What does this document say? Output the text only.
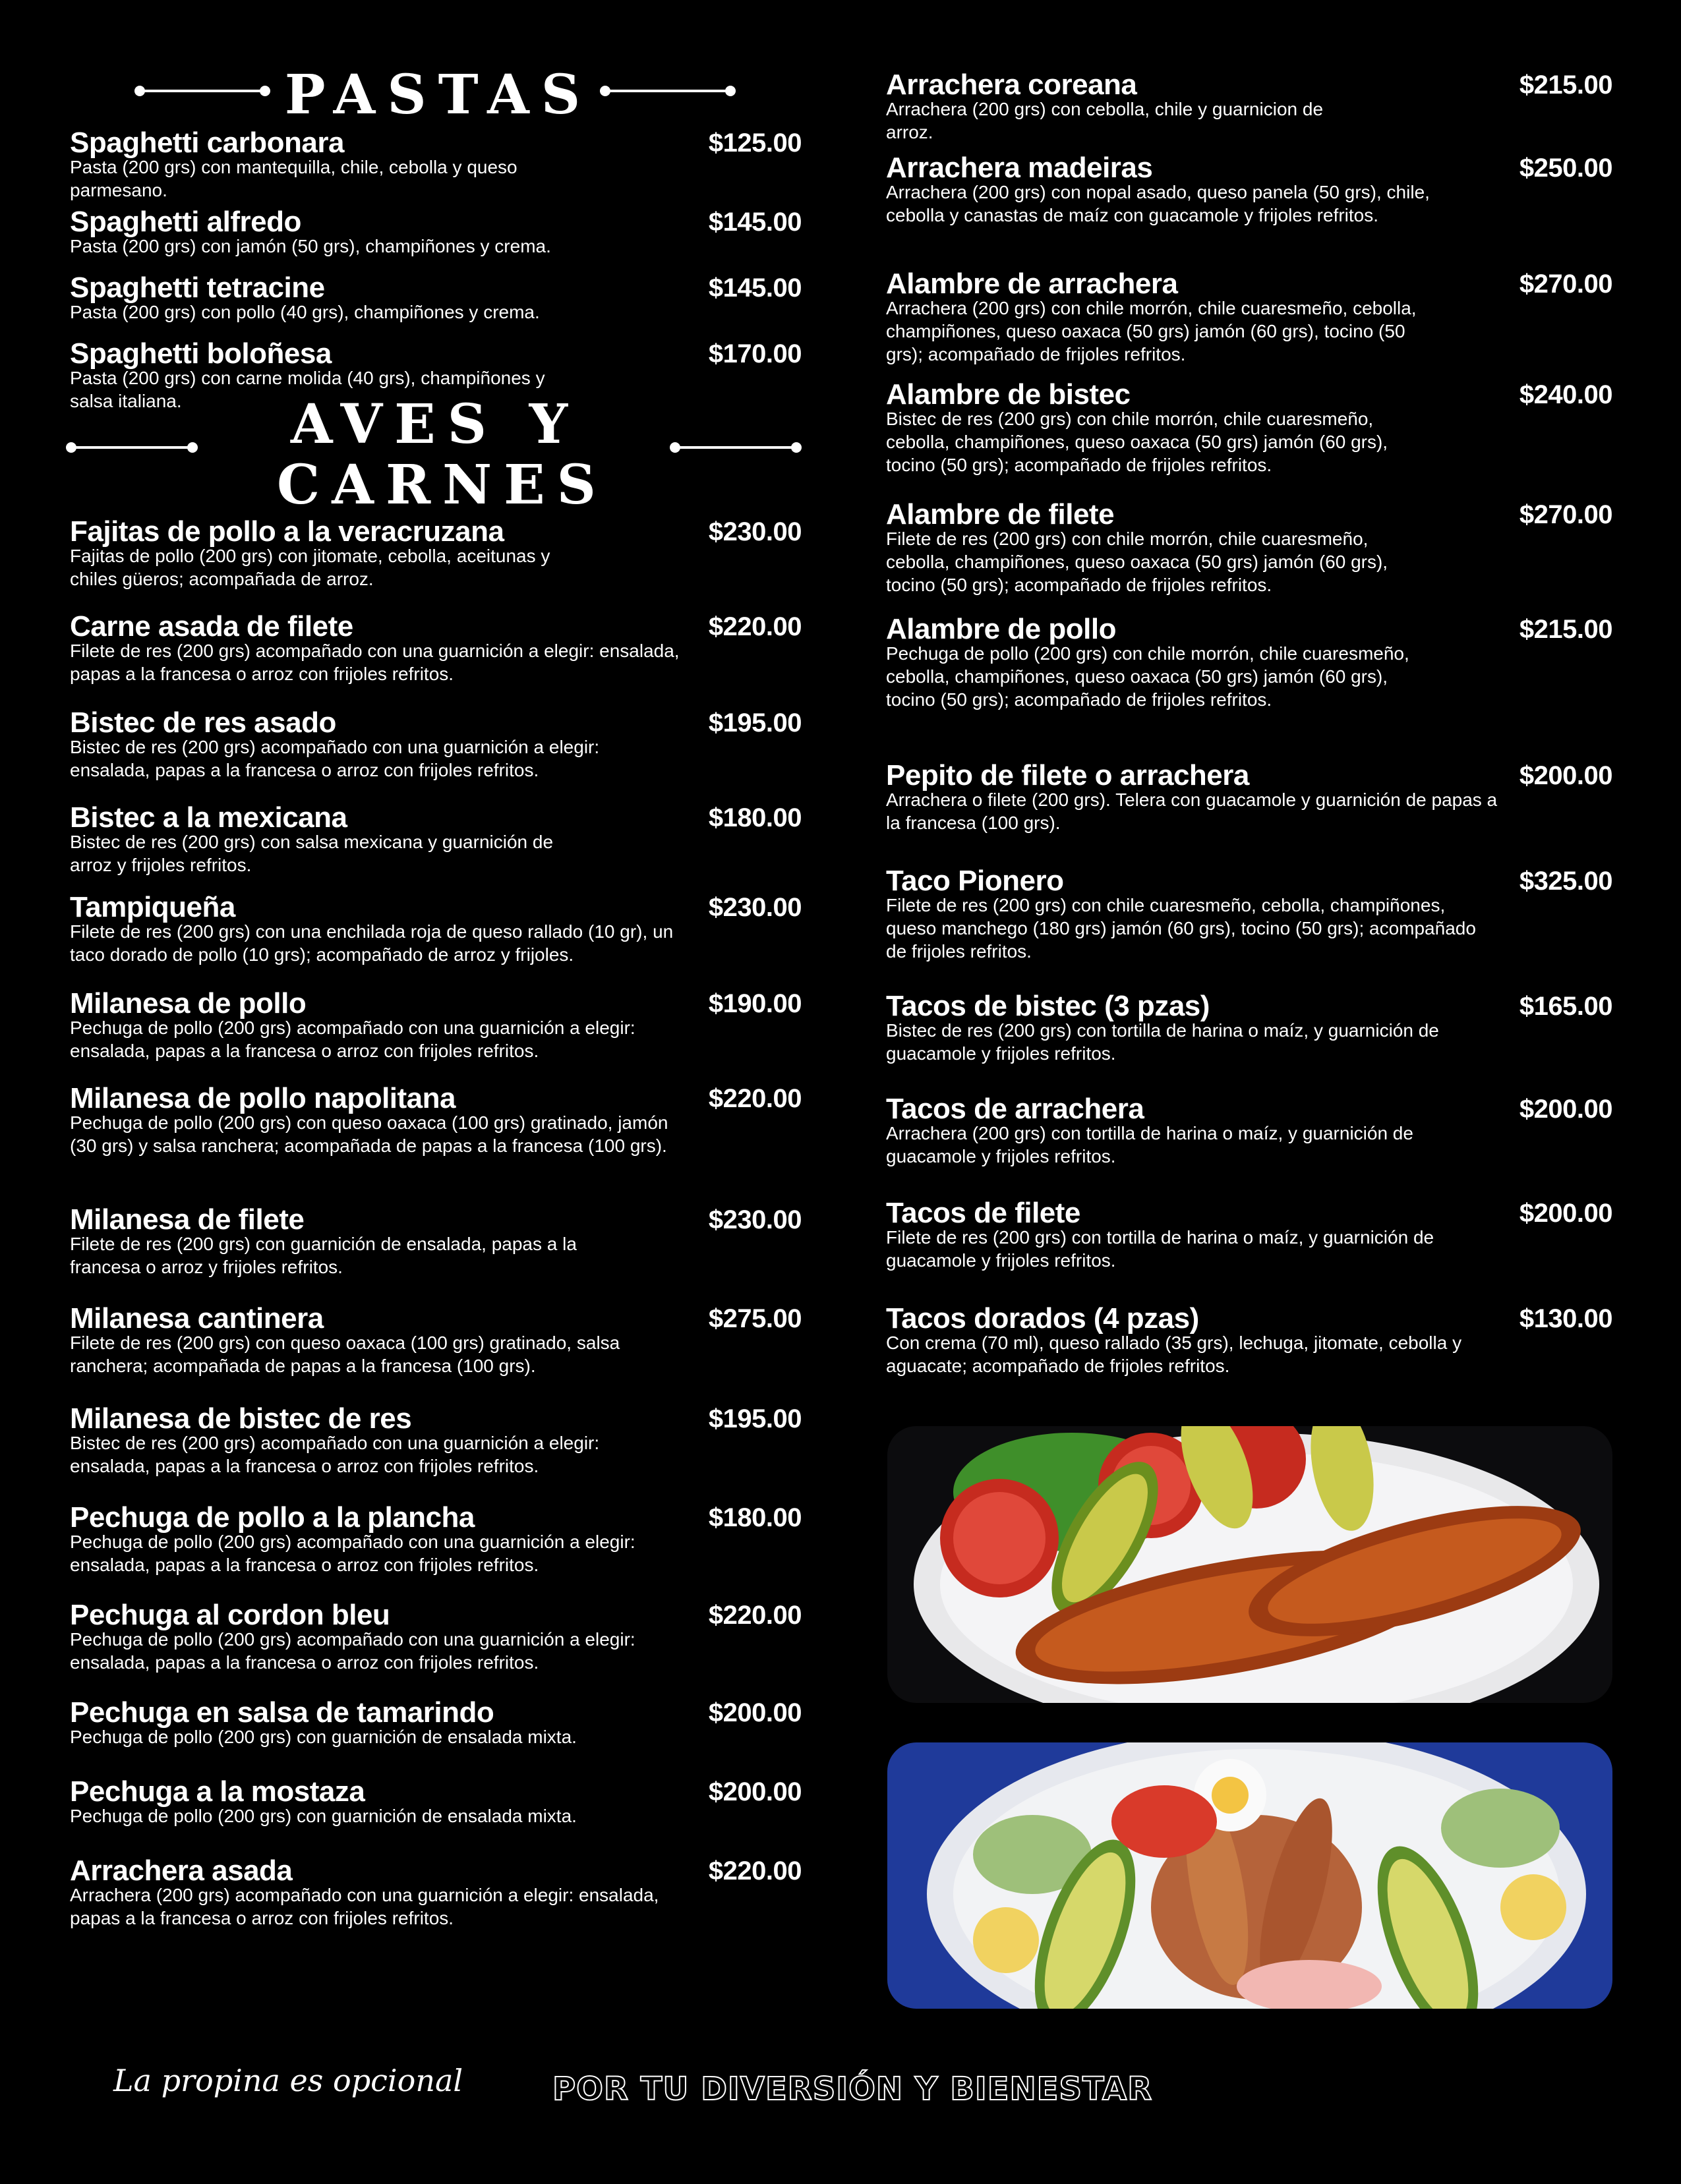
PASTAS
AVES Y
CARNES
Spaghetti carbonara	$125.00
Pasta (200 grs) con mantequilla, chile, cebolla y queso parmesano.
Spaghetti alfredo	$145.00
Pasta (200 grs) con jamón (50 grs), champiñones y crema.
Spaghetti tetracine	$145.00
Pasta (200 grs) con pollo (40 grs), champiñones y crema.
Spaghetti boloñesa	$170.00
Pasta (200 grs) con carne molida (40 grs), champiñones y salsa italiana.
Fajitas de pollo a la veracruzana	$230.00
Fajitas de pollo (200 grs) con jitomate, cebolla, aceitunas y chiles güeros; acompañada de arroz.
Carne asada de filete	$220.00
Filete de res (200 grs) acompañado con una guarnición a elegir: ensalada, papas a la francesa o arroz con frijoles refritos.
Bistec de res asado	$195.00
Bistec de res (200 grs) acompañado con una guarnición a elegir: ensalada, papas a la francesa o arroz con frijoles refritos.
Bistec a la mexicana	$180.00
Bistec de res (200 grs) con salsa mexicana y guarnición de arroz y frijoles refritos.
Tampiqueña	$230.00
Filete de res (200 grs) con una enchilada roja de queso rallado (10 gr), un taco dorado de pollo (10 grs); acompañado de arroz y frijoles.
Milanesa de pollo	$190.00
Pechuga de pollo (200 grs) acompañado con una guarnición a elegir: ensalada, papas a la francesa o arroz con frijoles refritos.
Milanesa de pollo napolitana	$220.00
Pechuga de pollo (200 grs) con queso oaxaca (100 grs) gratinado, jamón (30 grs) y salsa ranchera; acompañada de papas a la francesa (100 grs).
Milanesa de filete	$230.00
Filete de res (200 grs) con guarnición de ensalada, papas a la francesa o arroz y frijoles refritos.
Milanesa cantinera	$275.00
Filete de res (200 grs) con queso oaxaca (100 grs) gratinado, salsa ranchera; acompañada de papas a la francesa (100 grs).
Milanesa de bistec de res	$195.00
Bistec de res (200 grs) acompañado con una guarnición a elegir: ensalada, papas a la francesa o arroz con frijoles refritos.
Pechuga de pollo a la plancha	$180.00
Pechuga de pollo (200 grs) acompañado con una guarnición a elegir: ensalada, papas a la francesa o arroz con frijoles refritos.
Pechuga al cordon bleu	$220.00
Pechuga de pollo (200 grs) acompañado con una guarnición a elegir: ensalada, papas a la francesa o arroz con frijoles refritos.
Pechuga en salsa de tamarindo	$200.00
Pechuga de pollo (200 grs) con guarnición de ensalada mixta.
Pechuga a la mostaza	$200.00
Pechuga de pollo (200 grs) con guarnición de ensalada mixta.
Arrachera asada	$220.00
Arrachera (200 grs) acompañado con una guarnición a elegir: ensalada, papas a la francesa o arroz con frijoles refritos.
Arrachera coreana	$215.00
Arrachera (200 grs) con cebolla, chile y guarnicion de arroz.
Arrachera madeiras	$250.00
Arrachera (200 grs) con nopal asado, queso panela (50 grs), chile, cebolla y canastas de maíz con guacamole y frijoles refritos.
Alambre de arrachera	$270.00
Arrachera (200 grs) con chile morrón, chile cuaresmeño, cebolla, champiñones, queso oaxaca (50 grs) jamón (60 grs), tocino (50 grs); acompañado de frijoles refritos.
Alambre de bistec	$240.00
Bistec de res (200 grs) con chile morrón, chile cuaresmeño, cebolla, champiñones, queso oaxaca (50 grs) jamón (60 grs), tocino (50 grs); acompañado de frijoles refritos.
Alambre de filete	$270.00
Filete de res (200 grs) con chile morrón, chile cuaresmeño, cebolla, champiñones, queso oaxaca (50 grs) jamón (60 grs), tocino (50 grs); acompañado de frijoles refritos.
Alambre de pollo	$215.00
Pechuga de pollo (200 grs) con chile morrón, chile cuaresmeño, cebolla, champiñones, queso oaxaca (50 grs) jamón (60 grs), tocino (50 grs); acompañado de frijoles refritos.
Pepito de filete o arrachera	$200.00
Arrachera o filete (200 grs). Telera con guacamole y guarnición de papas a la francesa (100 grs).
Taco Pionero	$325.00
Filete de res (200 grs) con chile cuaresmeño, cebolla, champiñones, queso manchego (180 grs) jamón (60 grs), tocino (50 grs); acompañado de frijoles refritos.
Tacos de bistec (3 pzas)	$165.00
Bistec de res (200 grs) con tortilla de harina o maíz, y guarnición de guacamole y frijoles refritos.
Tacos de arrachera	$200.00
Arrachera (200 grs) con tortilla de harina o maíz, y guarnición de guacamole y frijoles refritos.
Tacos de filete	$200.00
Filete de res (200 grs) con tortilla de harina o maíz, y guarnición de guacamole y frijoles refritos.
Tacos dorados (4 pzas)	$130.00
Con crema (70 ml), queso rallado (35 grs), lechuga, jitomate, cebolla y aguacate; acompañado de frijoles refritos.
La propina es opcional	POR TU DIVERSIÓN Y BIENESTAR
